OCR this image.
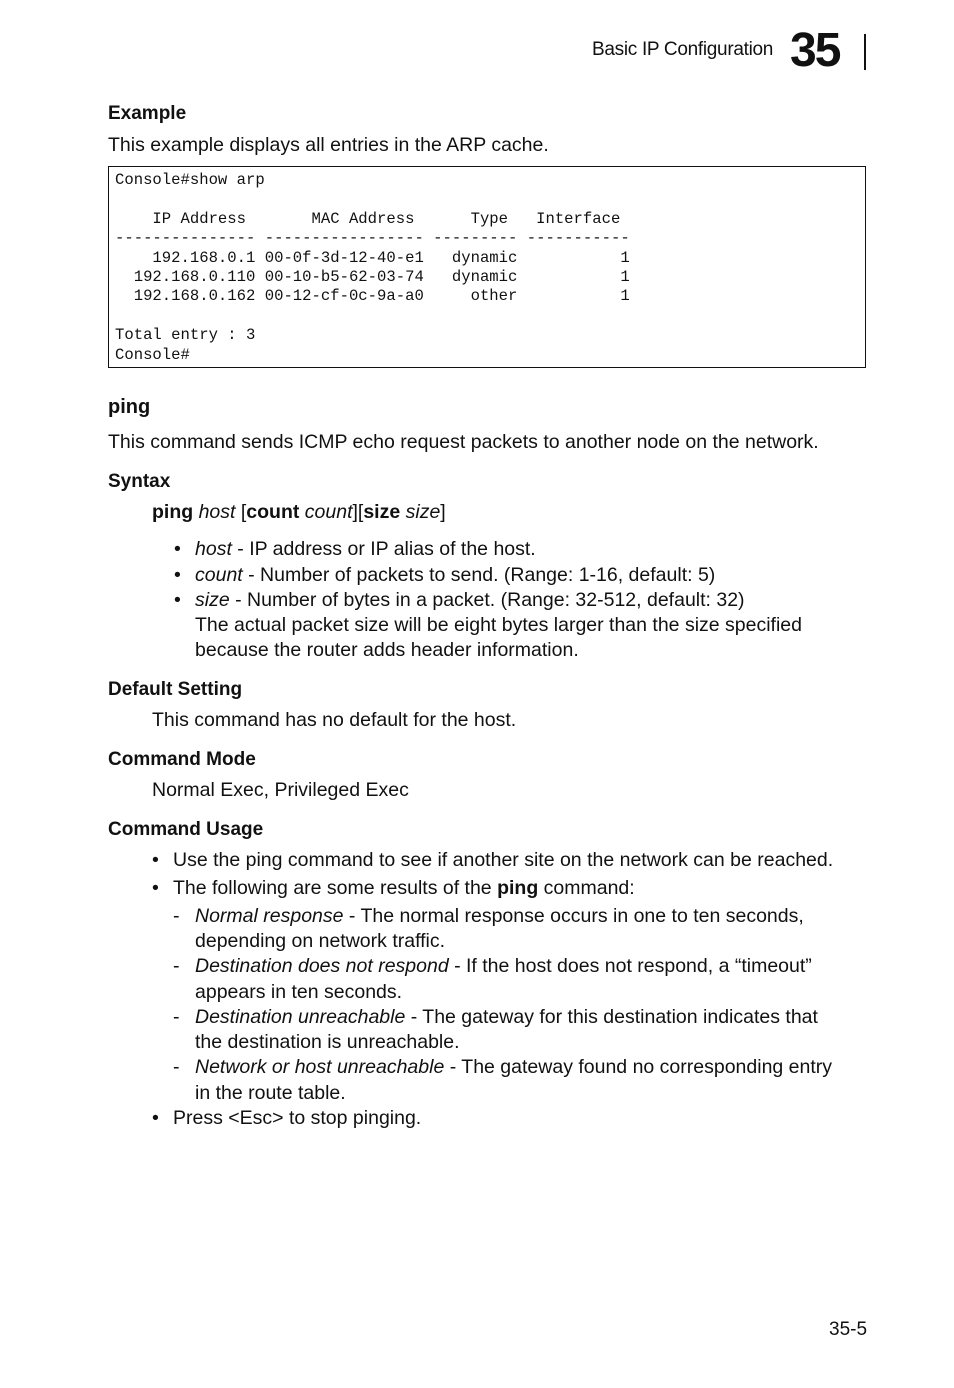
Basic IP Configuration 35
Example
This example displays all entries in the ARP cache.
Console#show arp

IP Address       MAC Address      Type   Interface
--------------- ----------------- --------- -----------
192.168.0.1 00-0f-3d-12-40-e1   dynamic           1
192.168.0.110 00-10-b5-62-03-74   dynamic           1
192.168.0.162 00-12-cf-0c-9a-a0     other           1

Total entry : 3
Console#
ping
This command sends ICMP echo request packets to another node on the network.
Syntax
ping host [count count][size size]
• host - IP address or IP alias of the host.
• count - Number of packets to send. (Range: 1-16, default: 5)
• size - Number of bytes in a packet. (Range: 32-512, default: 32)
The actual packet size will be eight bytes larger than the size specified
because the router adds header information.
Default Setting
This command has no default for the host.
Command Mode
Normal Exec, Privileged Exec
Command Usage
• Use the ping command to see if another site on the network can be reached.
• The following are some results of the ping command:
- Normal response - The normal response occurs in one to ten seconds,
depending on network traffic.
- Destination does not respond - If the host does not respond, a “timeout”
appears in ten seconds.
- Destination unreachable - The gateway for this destination indicates that
the destination is unreachable.
- Network or host unreachable - The gateway found no corresponding entry
in the route table.
• Press <Esc> to stop pinging.
35-5
